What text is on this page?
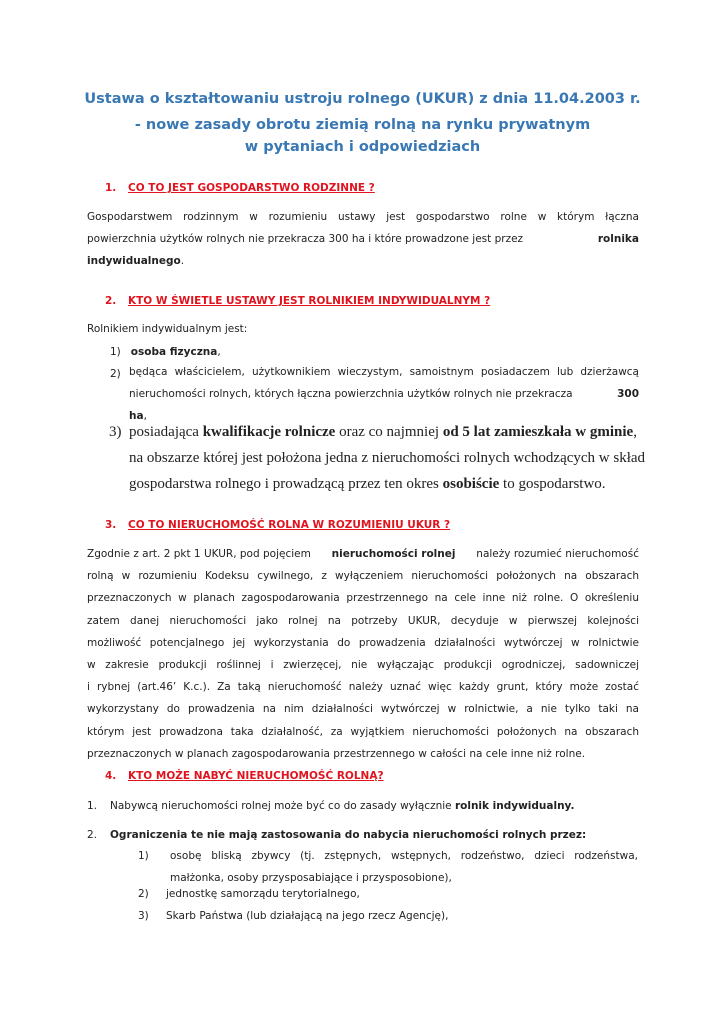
Ustawa o kształtowaniu ustroju rolnego (UKUR) z dnia 11.04.2003 r.
- nowe zasady obrotu ziemią rolną na rynku prywatnym
w pytaniach i odpowiedziach
1. CO TO JEST GOSPODARSTWO RODZINNE ?
Gospodarstwem rodzinnym w rozumieniu ustawy jest gospodarstwo rolne w którym łączna
powierzchnia użytków rolnych nie przekracza 300 ha i które prowadzone jest przez	rolnika
indywidualnego.
2. KTO W ŚWIETLE USTAWY JEST ROLNIKIEM INDYWIDUALNYM ?
Rolnikiem indywidualnym jest:
1) osoba fizyczna,
2) będąca właścicielem, użytkownikiem wieczystym, samoistnym posiadaczem lub dzierżawcą
nieruchomości rolnych, których łączna powierzchnia użytków rolnych nie przekracza	300
ha,
3) posiadająca kwalifikacje rolnicze oraz co najmniej od 5 lat zamieszkała w gminie,
na obszarze której jest położona jedna z nieruchomości rolnych wchodzących w skład
gospodarstwa rolnego i prowadzącą przez ten okres osobiście to gospodarstwo.
3. CO TO NIERUCHOMOŚĆ ROLNA W ROZUMIENIU UKUR ?
Zgodnie z art. 2 pkt 1 UKUR, pod pojęciem nieruchomości rolnej należy rozumieć nieruchomość
rolną w rozumieniu Kodeksu cywilnego, z wyłączeniem nieruchomości położonych na obszarach
przeznaczonych w planach zagospodarowania przestrzennego na cele inne niż rolne. O określeniu
zatem danej nieruchomości jako rolnej na potrzeby UKUR, decyduje w pierwszej kolejności
możliwość potencjalnego jej wykorzystania do prowadzenia działalności wytwórczej w rolnictwie
w zakresie produkcji roślinnej i zwierzęcej, nie wyłączając produkcji ogrodniczej, sadowniczej
i rybnej (art.46’ K.c.). Za taką nieruchomość należy uznać więc każdy grunt, który może zostać
wykorzystany do prowadzenia na nim działalności wytwórczej w rolnictwie, a nie tylko taki na
którym jest prowadzona taka działalność, za wyjątkiem nieruchomości położonych na obszarach
przeznaczonych w planach zagospodarowania przestrzennego w całości na cele inne niż rolne.
4. KTO MOŻE NABYĆ NIERUCHOMOŚĆ ROLNĄ?
1. Nabywcą nieruchomości rolnej może być co do zasady wyłącznie rolnik indywidualny.
2. Ograniczenia te nie mają zastosowania do nabycia nieruchomości rolnych przez:
1) osobę bliską zbywcy (tj. zstępnych, wstępnych, rodzeństwo, dzieci rodzeństwa,
małżonka, osoby przysposabiające i przysposobione),
2) jednostkę samorządu terytorialnego,
3) Skarb Państwa (lub działającą na jego rzecz Agencję),
